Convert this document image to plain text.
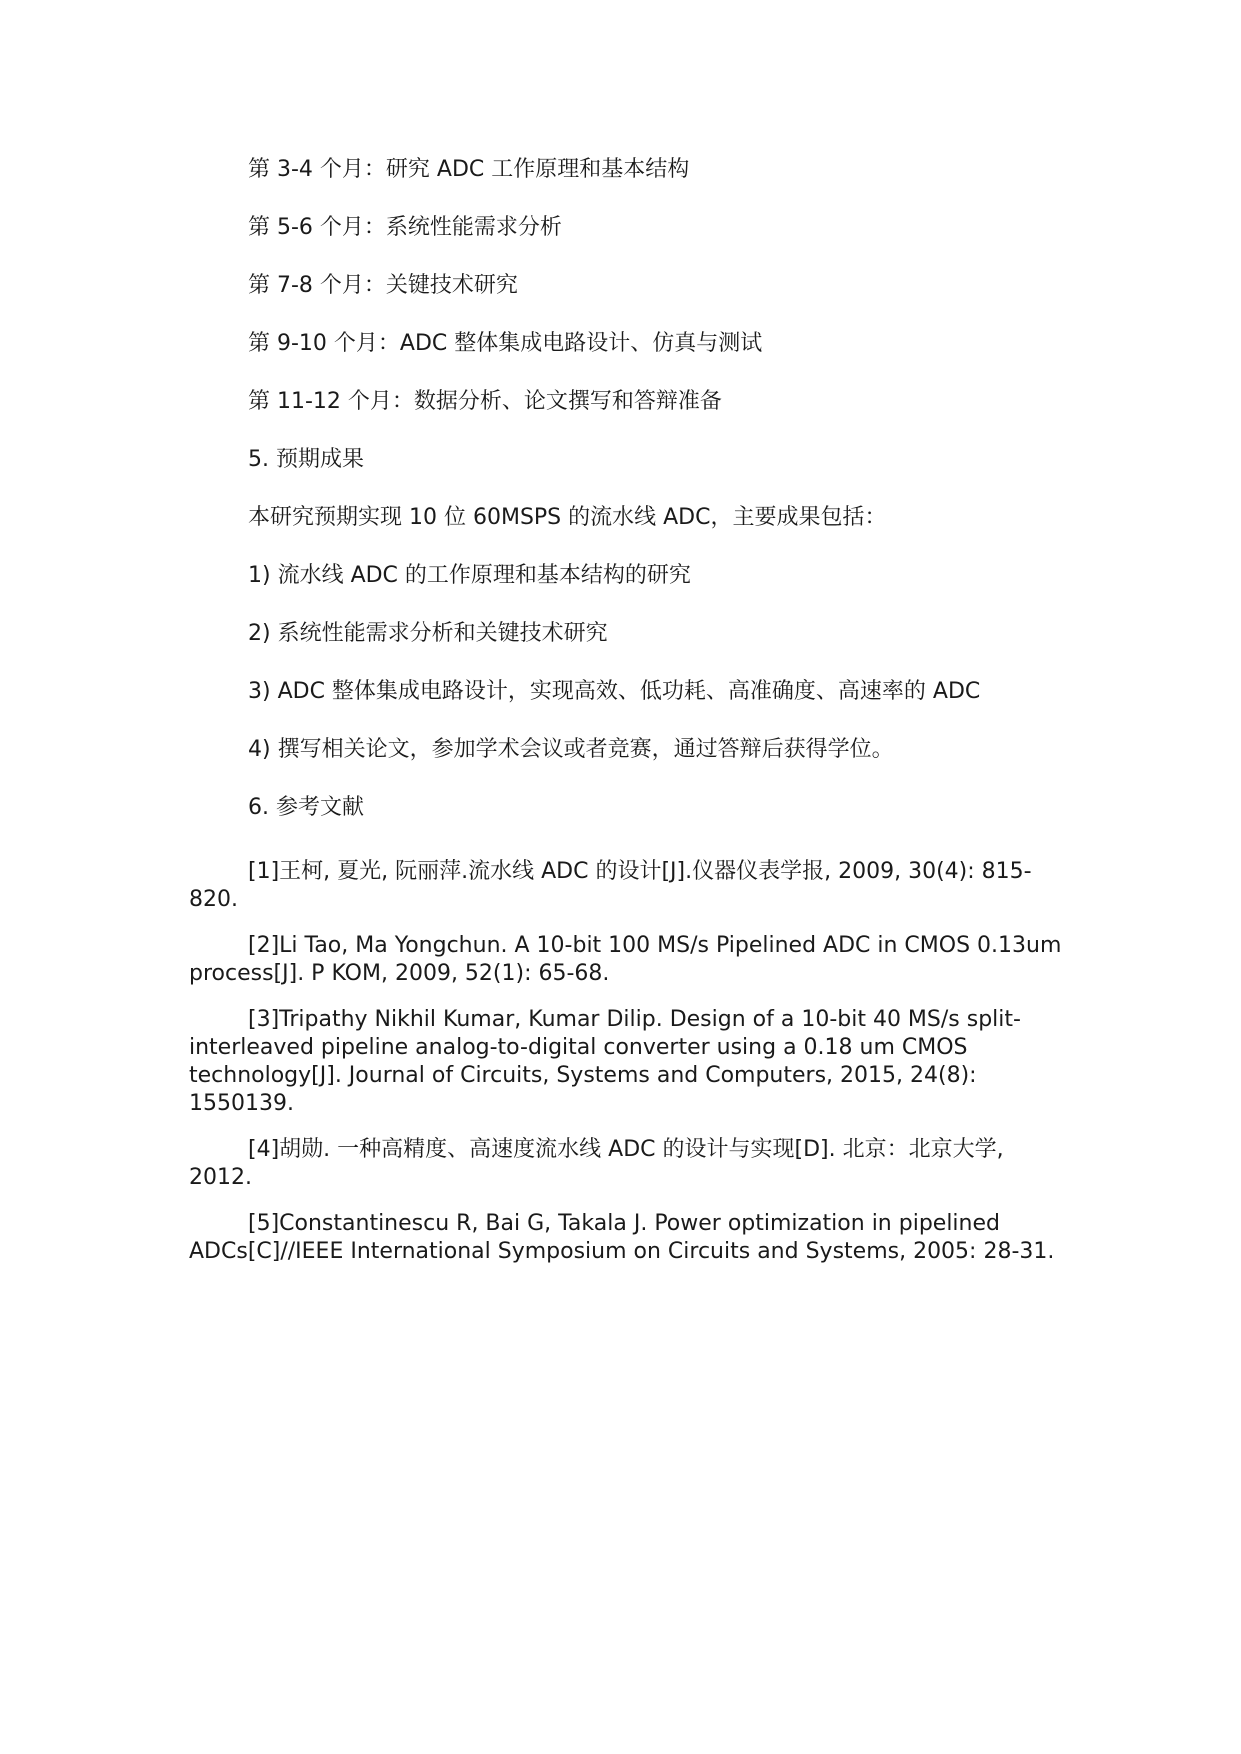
第 3-4 个月：研究 ADC 工作原理和基本结构
第 5-6 个月：系统性能需求分析
第 7-8 个月：关键技术研究
第 9-10 个月：ADC 整体集成电路设计、仿真与测试
第 11-12 个月：数据分析、论文撰写和答辩准备
5. 预期成果
本研究预期实现 10 位 60MSPS 的流水线 ADC，主要成果包括：
1) 流水线 ADC 的工作原理和基本结构的研究
2) 系统性能需求分析和关键技术研究
3) ADC 整体集成电路设计，实现高效、低功耗、高准确度、高速率的 ADC
4) 撰写相关论文，参加学术会议或者竞赛，通过答辩后获得学位。
6. 参考文献
[1]王柯, 夏光, 阮丽萍.流水线 ADC 的设计[J].仪器仪表学报, 2009, 30(4): 815-820.
[2]Li Tao, Ma Yongchun. A 10-bit 100 MS/s Pipelined ADC in CMOS 0.13um process[J]. P KOM, 2009, 52(1): 65-68.
[3]Tripathy Nikhil Kumar, Kumar Dilip. Design of a 10-bit 40 MS/s split-interleaved pipeline analog-to-digital converter using a 0.18 um CMOS technology[J]. Journal of Circuits, Systems and Computers, 2015, 24(8): 1550139.
[4]胡勋. 一种高精度、高速度流水线 ADC 的设计与实现[D]. 北京：北京大学, 2012.
[5]Constantinescu R, Bai G, Takala J. Power optimization in pipelined ADCs[C]//IEEE International Symposium on Circuits and Systems, 2005: 28-31.
